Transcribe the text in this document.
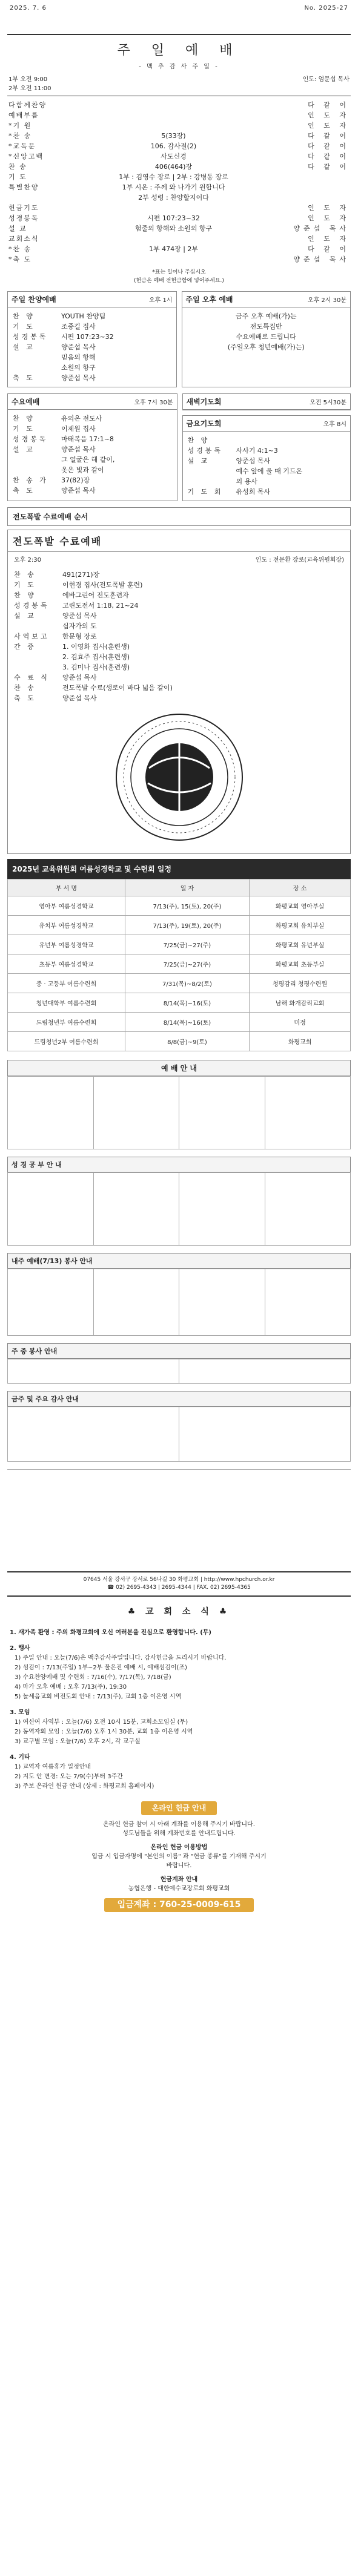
2025. 7. 6	No. 2025-27
주 일 예 배
- 맥 추 감 사 주 일 -
1부 오전 9:00
2부 오전 11:00
인도: 엄문섭 목사
다함께찬양	다 같 이
예배부름	인 도 자
*기 원	인 도 자
*찬 송	5(33장)	다 같 이
*교독문	106. 감사절(2)	다 같 이
*신앙고백	사도신경	다 같 이
찬 송	406(464)장	다 같 이
기 도	1부 : 김영수 장로 | 2부 : 강병동 장로
특별찬양	1부 시온 : 주께 와 나가기 원합니다
2부 성령 : 찬양할지어다
헌금기도	인 도 자
성경봉독	시편 107:23~32	인 도 자
설 교	험줄의 항해와 소원의 항구	양준섭 목사
교회소식	인 도 자
*찬 송	1부 474장 | 2부	다 같 이
*축 도	양준섭 목사
*표는 일어나 주십시오
(헌금은 예배 전헌금함에 넣어주세요.)
주일 찬양예배	오후 1시
찬 양	YOUTH 찬양팀
기 도	조중길 집사
성경봉독	시편 107:23~32
설 교	양준섭 목사
믿음의 항해
소원의 항구
축 도	양준섭 목사
주일 오후 예배	오후 2시 30분
금주 오후 예배(가)는
전도특집반
수요예배로 드립니다
(주일오후 청년예배(가)는)
수요예배	오후 7시 30분
찬 양	유의온 전도사
기 도	이제원 집사
성경봉독	마태복음 17:1~8
설 교	양준섭 목사
그 얼굴은 해 같이,
옷은 빛과 같이
찬 송 가	37(82)장
축 도	양준섭 목사
새벽기도회	오전 5시30분
금요기도회	오후 8시
찬 양
성경봉독	사사기 4:1~3
설 교	양준섭 목사
예수 앞에 울 때 기드온
의 용사
기 도 회	유성희 목사
전도폭발 수료예배 순서
전도폭발 수료예배
오후 2:30	인도 : 전문환 장로(교육위원회장)
찬 송	491(271)장
기 도	이현경 집사(전도폭발 훈련)
찬 양	에바그린어 전도훈련자
성경봉독	고린도전서 1:18, 21~24
설 교	양준섭 목사
십자가의 도
사역보고	한문형 장로
간 증	1. 이영화 집사(훈련생)
2. 김효주 집사(훈련생)
3. 김미나 집사(훈련생)
수 료 식	양준섭 목사
찬 송	전도폭발 수료(생로이 바다 넓음 같이)
축 도	양준섭 목사
2025년 교육위원회 여름성경학교 및 수련회 일정
부 서 명	일 자	장 소
영아부 여름성경학교	7/13(주), 15(토), 20(주)	화평교회 영아부실
유치부 여름성경학교	7/13(주), 19(토), 20(주)	화평교회 유치부실
유년부 여름성경학교	7/25(금)~27(주)	화평교회 유년부실
초등부 여름성경학교	7/25(금)~27(주)	화평교회 초등부실
중 · 고등부 여름수련회	7/31(목)~8/2(토)	청평감리 청평수련원
청년대학부 여름수련회	8/14(목)~16(토)	남해 화개감리교회
드림청년부 여름수련회	8/14(목)~16(토)	미정
드림청년2부 여름수련회	8/8(금)~9(토)	화평교회
예 배 안 내

성 경 공 부 안 내

내주 예배(7/13) 봉사 안내

주 중 봉사 안내

금주 및 주요 감사 안내

07645 서울 강서구 강서로 56나길 30 화평교회 | http://www.hpchurch.or.kr
☎ 02) 2695-4343 | 2695-4344 | FAX. 02) 2695-4365
♣ 교 회 소 식 ♣
1. 새가족 환영 : 주의 화평교회에 오신 여러분을 진심으로 환영합니다. (무)
2. 행사

1) 주일 안내 : 오늘(7/6)은 맥추감사주일입니다. 감사헌금을 드리시기 바랍니다.

2) 섬김이 : 7/13(주일) 1부~2부 물은진 예배 시, 예배섬김이(조)

3) 수요찬양예배 및 수련회 : 7/16(수), 7/17(목), 7/18(금)

4) 마가 오후 예배 : 오후 7/13(주), 19:30

5) 놀세음교회 비전도회 안내 : 7/13(주), 교회 1층 이은영 시역

3. 모임

1) 여신여 사역부 : 오늘(7/6) 오전 10시 15분, 교회소모임실 (무)

2) 동역자회 모임 : 오늘(7/6) 오후 1시 30분, 교회 1층 이은영 시역

3) 교구별 모임 : 오늘(7/6) 오후 2시, 각 교구실

4. 기타

1) 교역자 여름휴가 일정안내

2) 지도 안 변경: 오는 7/9(수)부터 3주간

3) 주보 온라인 헌금 안내 (상세 : 화평교회 홈페이지)

온라인 헌금 안내
온라인 헌금 참여 시 아래 계좌를 이용해 주시기 바랍니다.
성도님들을 위해 계좌번호를 안내드립니다.
온라인 헌금 이용방법
입금 시 입금자명에 "본인의 이름" 과 "헌금 종류"를 기재해 주시기 바랍니다.
헌금계좌 안내
농협은행 - 대한예수교장로회 화평교회
입금계좌 : 760-25-0009-615
